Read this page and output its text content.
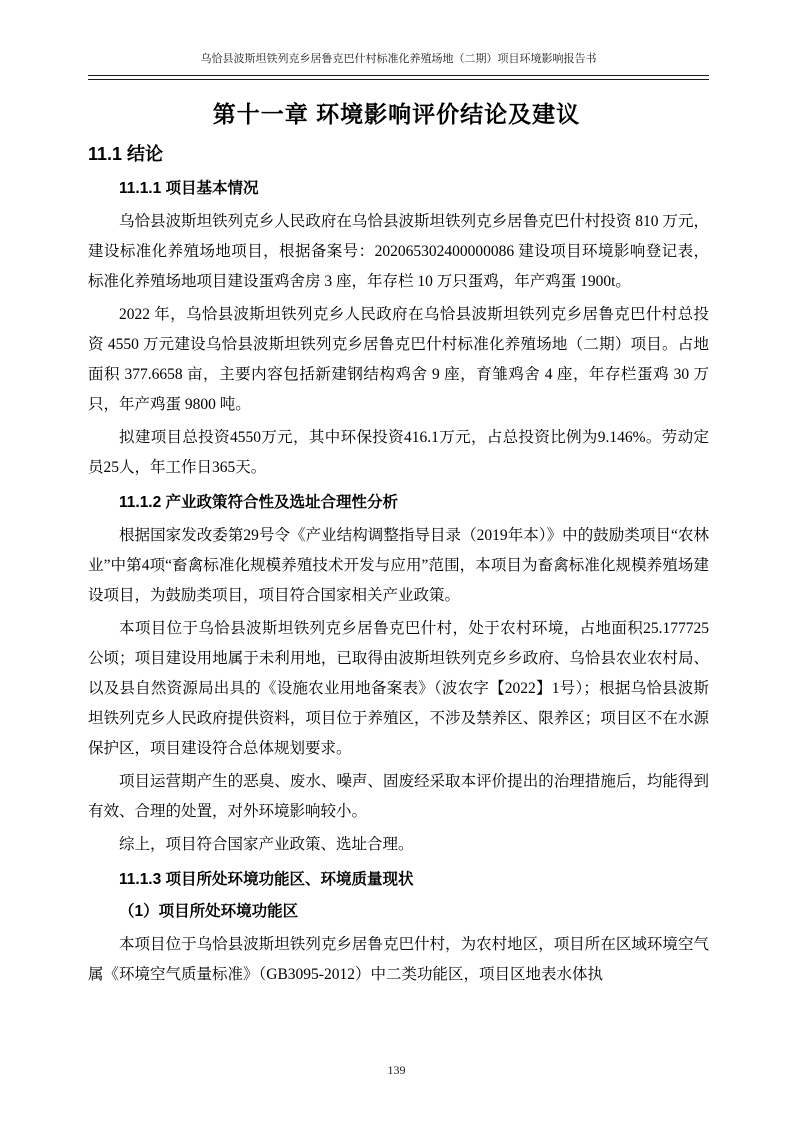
乌恰县波斯坦铁列克乡居鲁克巴什村标准化养殖场地（二期）项目环境影响报告书
第十一章 环境影响评价结论及建议
11.1 结论
11.1.1 项目基本情况

乌恰县波斯坦铁列克乡人民政府在乌恰县波斯坦铁列克乡居鲁克巴什村投资 810 万元，建设标准化养殖场地项目，根据备案号：202065302400000086 建设项目环境影响登记表，标准化养殖场地项目建设蛋鸡舍房 3 座，年存栏 10 万只蛋鸡，年产鸡蛋 1900t。

2022 年，乌恰县波斯坦铁列克乡人民政府在乌恰县波斯坦铁列克乡居鲁克巴什村总投资 4550 万元建设乌恰县波斯坦铁列克乡居鲁克巴什村标准化养殖场地（二期）项目。占地面积 377.6658 亩，主要内容包括新建钢结构鸡舍 9 座，育雏鸡舍 4 座，年存栏蛋鸡 30 万只，年产鸡蛋 9800 吨。

拟建项目总投资4550万元，其中环保投资416.1万元，占总投资比例为9.146%。劳动定员25人，年工作日365天。

11.1.2 产业政策符合性及选址合理性分析

根据国家发改委第29号令《产业结构调整指导目录（2019年本）》中的鼓励类项目“农林业”中第4项“畜禽标准化规模养殖技术开发与应用”范围，本项目为畜禽标准化规模养殖场建设项目，为鼓励类项目，项目符合国家相关产业政策。

本项目位于乌恰县波斯坦铁列克乡居鲁克巴什村，处于农村环境，占地面积25.177725公顷；项目建设用地属于未利用地，已取得由波斯坦铁列克乡乡政府、乌恰县农业农村局、以及县自然资源局出具的《设施农业用地备案表》（波农字【2022】1号）；根据乌恰县波斯坦铁列克乡人民政府提供资料，项目位于养殖区，不涉及禁养区、限养区；项目区不在水源保护区，项目建设符合总体规划要求。

项目运营期产生的恶臭、废水、噪声、固废经采取本评价提出的治理措施后，均能得到有效、合理的处置，对外环境影响较小。

综上，项目符合国家产业政策、选址合理。

11.1.3 项目所处环境功能区、环境质量现状
（1）项目所处环境功能区

本项目位于乌恰县波斯坦铁列克乡居鲁克巴什村，为农村地区，项目所在区域环境空气属《环境空气质量标准》（GB3095-2012）中二类功能区，项目区地表水体执

139
